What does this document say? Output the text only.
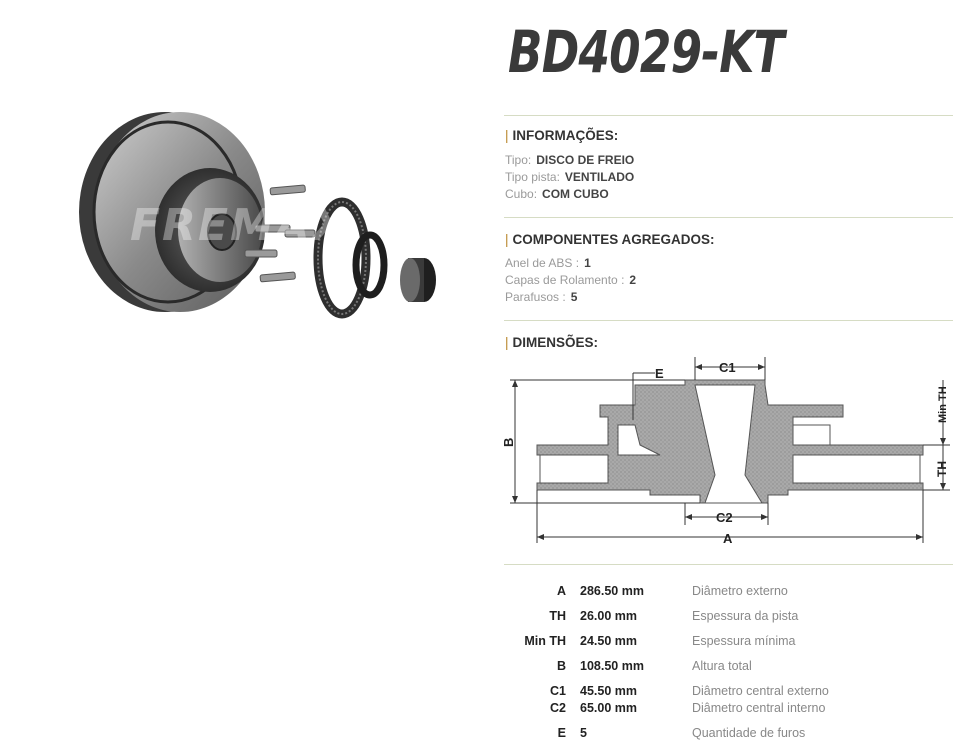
FREMAX
BD4029-KT
| INFORMAÇÕES:
Tipo: DISCO DE FREIO
Tipo pista: VENTILADO
Cubo: COM CUBO
| COMPONENTES AGREGADOS:
Anel de ABS : 1
Capas de Rolamento : 2
Parafusos : 5
| DIMENSÕES:
C1
C2
A
E
B
TH
Min TH
A 286.50 mm	Diâmetro externo
TH 26.00 mm	Espessura da pista
Min TH 24.50 mm	Espessura mínima
B 108.50 mm	Altura total
C1 45.50 mm	Diâmetro central externo
C2 65.00 mm	Diâmetro central interno
E 5	Quantidade de furos
